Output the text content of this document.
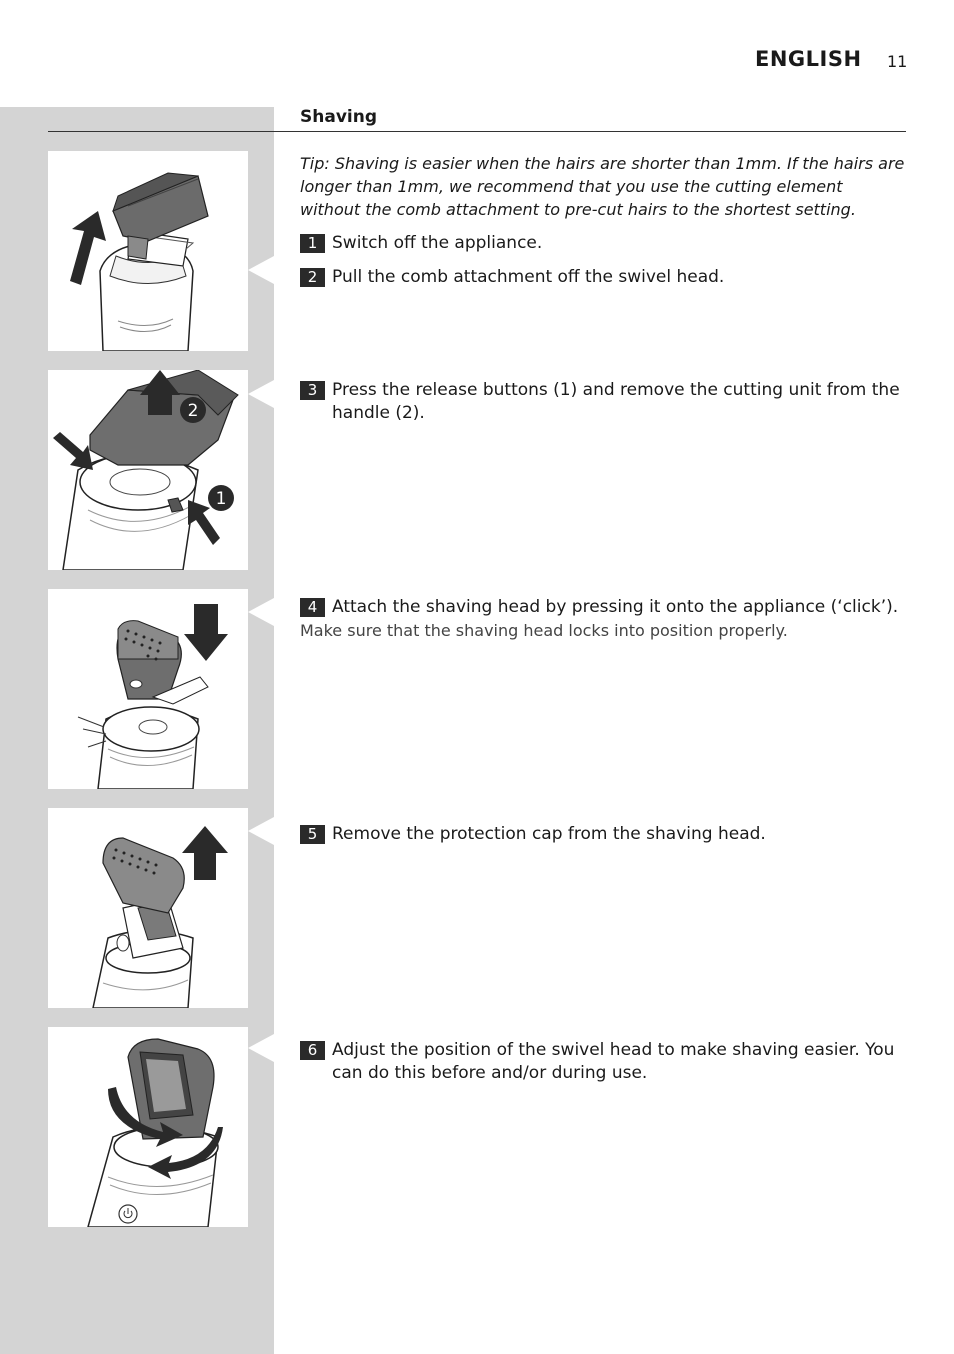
ENGLISH 11
Shaving
Tip: Shaving is easier when the hairs are shorter than 1mm. If the hairs are longer than 1mm, we recommend that you use the cutting element without the comb attachment to pre-cut hairs to the shortest setting.
1 Switch off the appliance.
2 Pull the comb attachment off the swivel head.
3 Press the release buttons (1) and remove the cutting unit from the handle (2).
4 Attach the shaving head by pressing it onto the appliance (‘click’).
Make sure that the shaving head locks into position properly.
5 Remove the protection cap from the shaving head.
6 Adjust the position of the swivel head to make shaving easier. You can do this before and/or during use.
2
1
